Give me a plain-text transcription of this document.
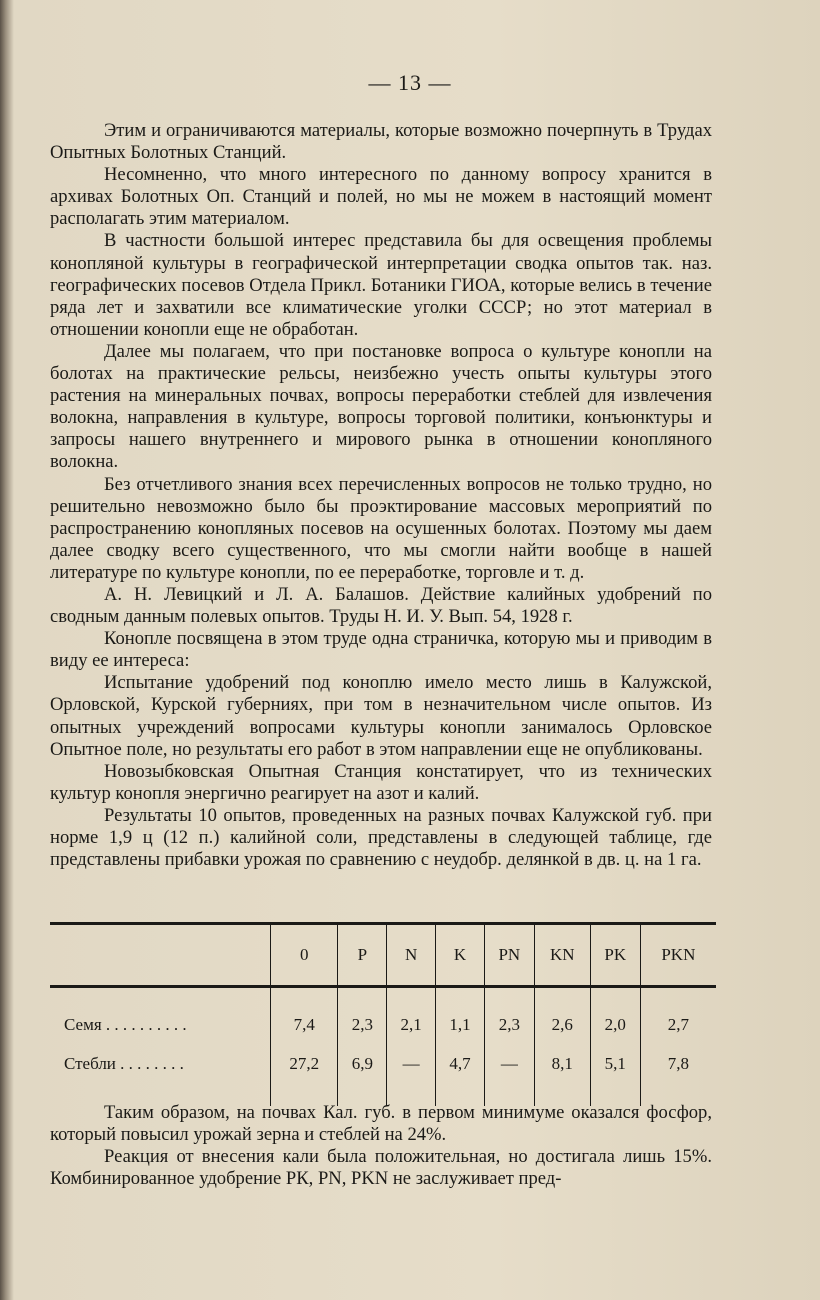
— 13 —

Этим и ограничиваются материалы, которые возможно почерпнуть в Трудах Опытных Болотных Станций.

Несомненно, что много интересного по данному вопросу хранится в архивах Болотных Оп. Станций и полей, но мы не можем в настоящий момент располагать этим материалом.

В частности большой интерес представила бы для освещения проблемы конопляной культуры в географической интерпретации сводка опытов так. наз. географических посевов Отдела Прикл. Ботаники ГИОА, которые велись в течение ряда лет и захватили все климатические уголки СССР; но этот материал в отношении конопли еще не обработан.

Далее мы полагаем, что при постановке вопроса о культуре конопли на болотах на практические рельсы, неизбежно учесть опыты культуры этого растения на минеральных почвах, вопросы переработки стеблей для извлечения волокна, направления в культуре, вопросы торговой политики, конъюнктуры и запросы нашего внутреннего и мирового рынка в отношении конопляного волокна.

Без отчетливого знания всех перечисленных вопросов не только трудно, но решительно невозможно было бы проэктирование массовых мероприятий по распространению конопляных посевов на осушенных болотах. Поэтому мы даем далее сводку всего существенного, что мы смогли найти вообще в нашей литературе по культуре конопли, по ее переработке, торговле и т. д.

А. Н. Левицкий и Л. А. Балашов. Действие калийных удобрений по сводным данным полевых опытов. Труды Н. И. У. Вып. 54, 1928 г.

Конопле посвящена в этом труде одна страничка, которую мы и приводим в виду ее интереса:

Испытание удобрений под коноплю имело место лишь в Калужской, Орловской, Курской губерниях, при том в незначительном числе опытов. Из опытных учреждений вопросами культуры конопли занималось Орловское Опытное поле, но результаты его работ в этом направлении еще не опубликованы.

Новозыбковская Опытная Станция констатирует, что из технических культур конопля энергично реагирует на азот и калий.

Результаты 10 опытов, проведенных на разных почвах Калужской губ. при норме 1,9 ц (12 п.) калийной соли, представлены в следующей таблице, где представлены прибавки урожая по сравнению с неудобр. делянкой в дв. ц. на 1 га.

	0	P	N	K	PN	KN	PK	PKN

Семя . . . . . . . . . .	7,4	2,3	2,1	1,1	2,3	2,6	2,0	2,7
Стебли . . . . . . . .	27,2	6,9	—	4,7	—	8,1	5,1	7,8

Таким образом, на почвах Кал. губ. в первом минимуме оказался фосфор, который повысил урожай зерна и стеблей на 24%.

Реакция от внесения кали была положительная, но достигала лишь 15%. Комбинированное удобрение РК, PN, PKN не заслуживает пред-
